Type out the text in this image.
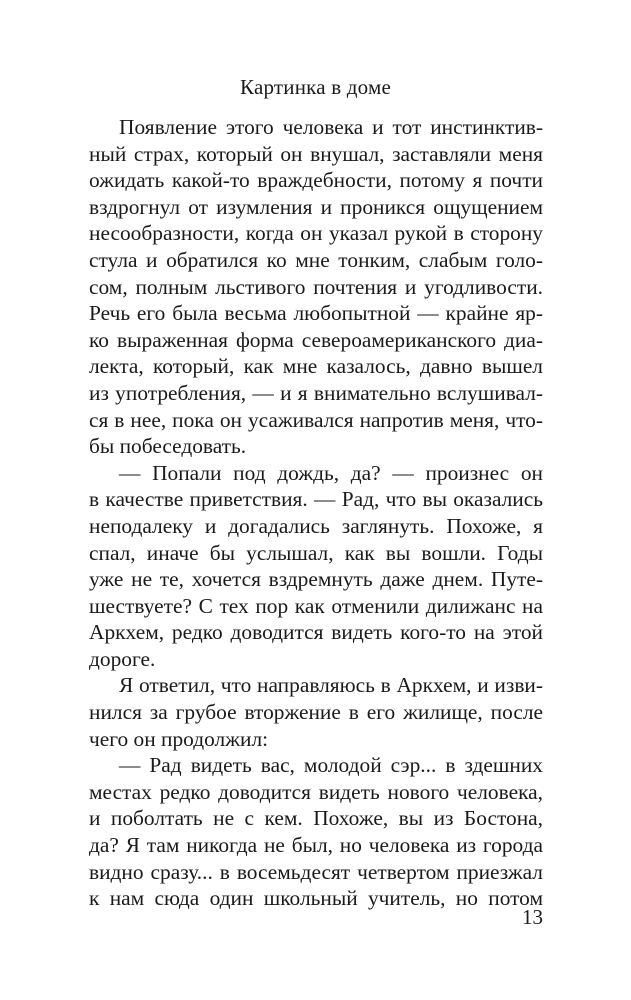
Картинка в доме
Появление этого человека и тот инстинктив-
ный страх, который он внушал, заставляли меня
ожидать какой-то враждебности, потому я почти
вздрогнул от изумления и проникся ощущением
несообразности, когда он указал рукой в сторону
стула и обратился ко мне тонким, слабым голо-
сом, полным льстивого почтения и угодливости.
Речь его была весьма любопытной — крайне яр-
ко выраженная форма североамериканского диа-
лекта, который, как мне казалось, давно вышел
из употребления, — и я внимательно вслушивал-
ся в нее, пока он усаживался напротив меня, что-
бы побеседовать.
— Попали под дождь, да? — произнес он
в качестве приветствия. — Рад, что вы оказались
неподалеку и догадались заглянуть. Похоже, я
спал, иначе бы услышал, как вы вошли. Годы
уже не те, хочется вздремнуть даже днем. Путе-
шествуете? С тех пор как отменили дилижанс на
Аркхем, редко доводится видеть кого-то на этой
дороге.
Я ответил, что направляюсь в Аркхем, и изви-
нился за грубое вторжение в его жилище, после
чего он продолжил:
— Рад видеть вас, молодой сэр... в здешних
местах редко доводится видеть нового человека,
и поболтать не с кем. Похоже, вы из Бостона,
да? Я там никогда не был, но человека из города
видно сразу... в восемьдесят четвертом приезжал
к нам сюда один школьный учитель, но потом
13
